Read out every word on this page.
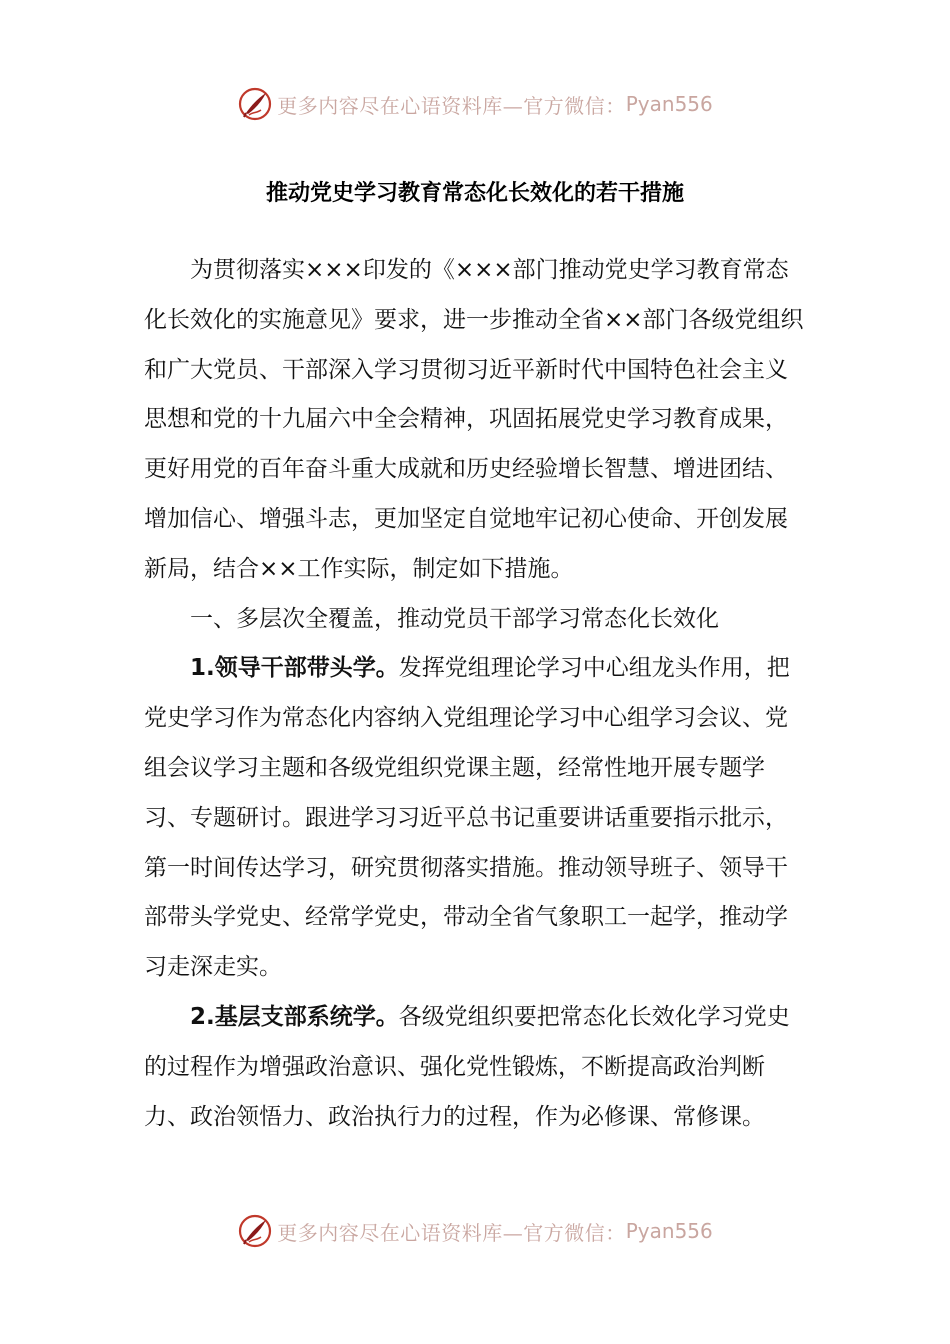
更多内容尽在心语资料库—官方微信： Pyan556
推动党史学习教育常态化长效化的若干措施

为贯彻落实×××印发的《×××部门推动党史学习教育常态化长效化的实施意见》要求，进一步推动全省××部门各级党组织和广大党员、干部深入学习贯彻习近平新时代中国特色社会主义思想和党的十九届六中全会精神，巩固拓展党史学习教育成果，更好用党的百年奋斗重大成就和历史经验增长智慧、增进团结、增加信心、增强斗志，更加坚定自觉地牢记初心使命、开创发展新局，结合××工作实际，制定如下措施。

一、多层次全覆盖，推动党员干部学习常态化长效化

1.领导干部带头学。发挥党组理论学习中心组龙头作用，把党史学习作为常态化内容纳入党组理论学习中心组学习会议、党组会议学习主题和各级党组织党课主题，经常性地开展专题学习、专题研讨。跟进学习习近平总书记重要讲话重要指示批示，第一时间传达学习，研究贯彻落实措施。推动领导班子、领导干部带头学党史、经常学党史，带动全省气象职工一起学，推动学习走深走实。

2.基层支部系统学。各级党组织要把常态化长效化学习党史的过程作为增强政治意识、强化党性锻炼，不断提高政治判断力、政治领悟力、政治执行力的过程，作为必修课、常修课。

更多内容尽在心语资料库—官方微信： Pyan556
